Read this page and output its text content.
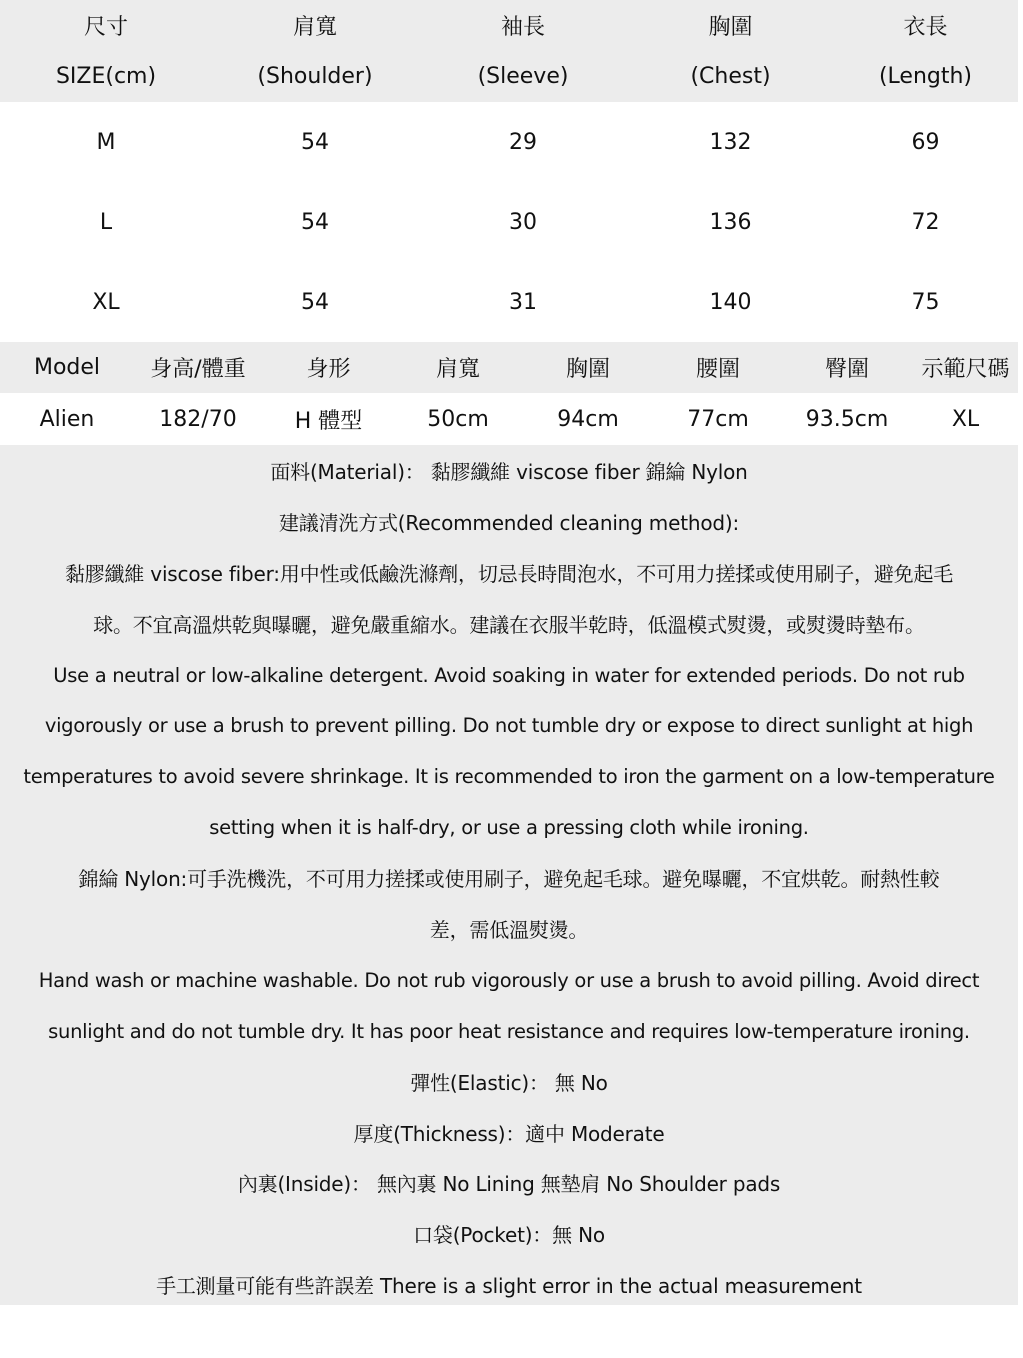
尺寸	肩寬	袖長	胸圍	衣長
SIZE(cm)	(Shoulder)	(Sleeve)	(Chest)	(Length)
M	54	29	132	69
L	54	30	136	72
XL	54	31	140	75
Model	身高/體重	身形	肩寬	胸圍	腰圍	臀圍	示範尺碼
Alien	182/70	H 體型	50cm	94cm	77cm	93.5cm	XL
面料(Material)： 黏膠纖維 viscose fiber 錦綸 Nylon
建議清洗方式(Recommended cleaning method):
黏膠纖維 viscose fiber:用中性或低鹼洗滌劑，切忌長時間泡水，不可用力搓揉或使用刷子，避免起毛
球。不宜高溫烘乾與曝曬，避免嚴重縮水。建議在衣服半乾時，低溫模式熨燙，或熨燙時墊布。
Use a neutral or low-alkaline detergent. Avoid soaking in water for extended periods. Do not rub
vigorously or use a brush to prevent pilling. Do not tumble dry or expose to direct sunlight at high
temperatures to avoid severe shrinkage. It is recommended to iron the garment on a low-temperature
setting when it is half-dry, or use a pressing cloth while ironing.
錦綸 Nylon:可手洗機洗，不可用力搓揉或使用刷子，避免起毛球。避免曝曬，不宜烘乾。耐熱性較
差，需低溫熨燙。
Hand wash or machine washable. Do not rub vigorously or use a brush to avoid pilling. Avoid direct
sunlight and do not tumble dry. It has poor heat resistance and requires low-temperature ironing.
彈性(Elastic)： 無 No
厚度(Thickness)：適中 Moderate
內裏(Inside)： 無內裏 No Lining 無墊肩 No Shoulder pads
口袋(Pocket)：無 No
手工測量可能有些許誤差 There is a slight error in the actual measurement
